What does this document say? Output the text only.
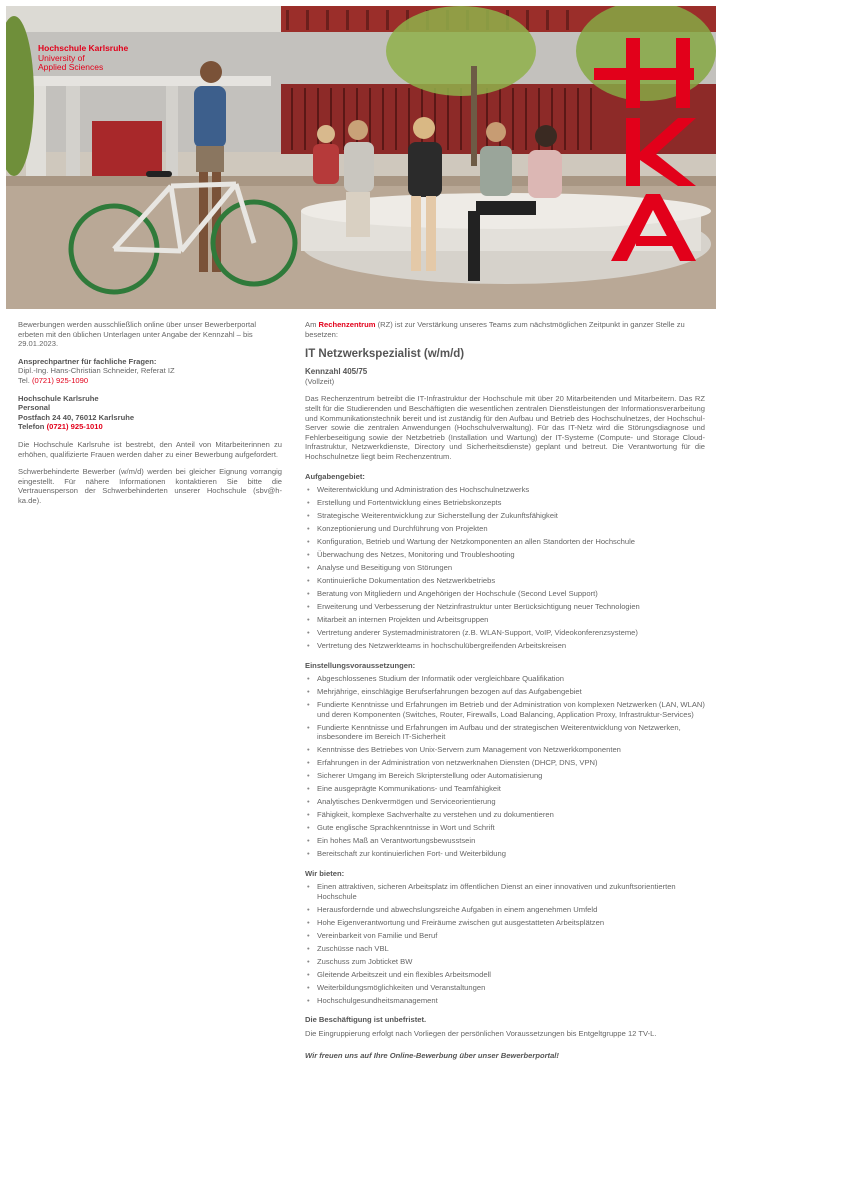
Hochschule Karlsruhe
University of
Applied Sciences

Bewerbungen werden ausschließlich online über unser Bewerberportal erbeten mit den üblichen Unterlagen unter Angabe der Kennzahl – bis 29.01.2023.

Ansprechpartner für fachliche Fragen:

Dipl.-Ing. Hans-Christian Schneider, Referat IZ

Tel. (0721) 925-1090

Hochschule Karlsruhe

Personal

Postfach 24 40, 76012 Karlsruhe

Telefon (0721) 925-1010

Die Hochschule Karlsruhe ist bestrebt, den Anteil von Mitarbeiterinnen zu erhöhen, qualifizierte Frauen werden daher zu einer Bewerbung aufgefordert.

Schwerbehinderte Bewerber (w/m/d) werden bei gleicher Eignung vorrangig eingestellt. Für nähere Informationen kontaktieren Sie bitte die Vertrauensperson der Schwerbehinderten unserer Hochschule (sbv@h-ka.de).

Am Rechenzentrum (RZ) ist zur Verstärkung unseres Teams zum nächstmöglichen Zeitpunkt in ganzer Stelle zu besetzen:

IT Netzwerkspezialist (w/m/d)

Kennzahl 405/75

(Vollzeit)

Das Rechenzentrum betreibt die IT-Infrastruktur der Hochschule mit über 20 Mitarbeitenden und Mitarbeitern. Das RZ stellt für die Studierenden und Beschäftigten die wesentlichen zentralen Dienstleistungen der Informationsverarbeitung und Kommunikationstechnik bereit und ist zuständig für den Aufbau und Betrieb des Hochschulnetzes, der Hochschul-Server sowie die zentralen Anwendungen (Hochschulverwaltung). Für das IT-Netz wird die Störungsdiagnose und Fehlerbeseitigung sowie der Netzbetrieb (Installation und Wartung) der IT-Systeme (Compute- und Storage Cloud-Infrastruktur, Netzwerkdienste, Directory und Sicherheitsdienste) geplant und betreut. Die Verantwortung für die Hochschulnetze liegt beim Rechenzentrum.

Aufgabengebiet:
• Weiterentwicklung und Administration des Hochschulnetzwerks
• Erstellung und Fortentwicklung eines Betriebskonzepts
• Strategische Weiterentwicklung zur Sicherstellung der Zukunftsfähigkeit
• Konzeptionierung und Durchführung von Projekten
• Konfiguration, Betrieb und Wartung der Netzkomponenten an allen Standorten der Hochschule
• Überwachung des Netzes, Monitoring und Troubleshooting
• Analyse und Beseitigung von Störungen
• Kontinuierliche Dokumentation des Netzwerkbetriebs
• Beratung von Mitgliedern und Angehörigen der Hochschule (Second Level Support)
• Erweiterung und Verbesserung der Netzinfrastruktur unter Berücksichtigung neuer Technologien
• Mitarbeit an internen Projekten und Arbeitsgruppen
• Vertretung anderer Systemadministratoren (z.B. WLAN-Support, VoIP, Videokonferenzsysteme)
• Vertretung des Netzwerkteams in hochschulübergreifenden Arbeitskreisen
Einstellungsvoraussetzungen:
• Abgeschlossenes Studium der Informatik oder vergleichbare Qualifikation
• Mehrjährige, einschlägige Berufserfahrungen bezogen auf das Aufgabengebiet
• Fundierte Kenntnisse und Erfahrungen im Betrieb und der Administration von komplexen Netzwerken (LAN, WLAN) und deren Komponenten (Switches, Router, Firewalls, Load Balancing, Application Proxy, Infrastruktur-Services)
• Fundierte Kenntnisse und Erfahrungen im Aufbau und der strategischen Weiterentwicklung von Netzwerken, insbesondere im Bereich IT-Sicherheit
• Kenntnisse des Betriebes von Unix-Servern zum Management von Netzwerkkomponenten
• Erfahrungen in der Administration von netzwerknahen Diensten (DHCP, DNS, VPN)
• Sicherer Umgang im Bereich Skripterstellung oder Automatisierung
• Eine ausgeprägte Kommunikations- und Teamfähigkeit
• Analytisches Denkvermögen und Serviceorientierung
• Fähigkeit, komplexe Sachverhalte zu verstehen und zu dokumentieren
• Gute englische Sprachkenntnisse in Wort und Schrift
• Ein hohes Maß an Verantwortungsbewusstsein
• Bereitschaft zur kontinuierlichen Fort- und Weiterbildung
Wir bieten:
• Einen attraktiven, sicheren Arbeitsplatz im öffentlichen Dienst an einer innovativen und zukunftsorientierten Hochschule
• Herausfordernde und abwechslungsreiche Aufgaben in einem angenehmen Umfeld
• Hohe Eigenverantwortung und Freiräume zwischen gut ausgestatteten Arbeitsplätzen
• Vereinbarkeit von Familie und Beruf
• Zuschüsse nach VBL
• Zuschuss zum Jobticket BW
• Gleitende Arbeitszeit und ein flexibles Arbeitsmodell
• Weiterbildungsmöglichkeiten und Veranstaltungen
• Hochschulgesundheitsmanagement
Die Beschäftigung ist unbefristet.

Die Eingruppierung erfolgt nach Vorliegen der persönlichen Voraussetzungen bis Entgeltgruppe 12 TV-L.

Wir freuen uns auf Ihre Online-Bewerbung über unser Bewerberportal!
